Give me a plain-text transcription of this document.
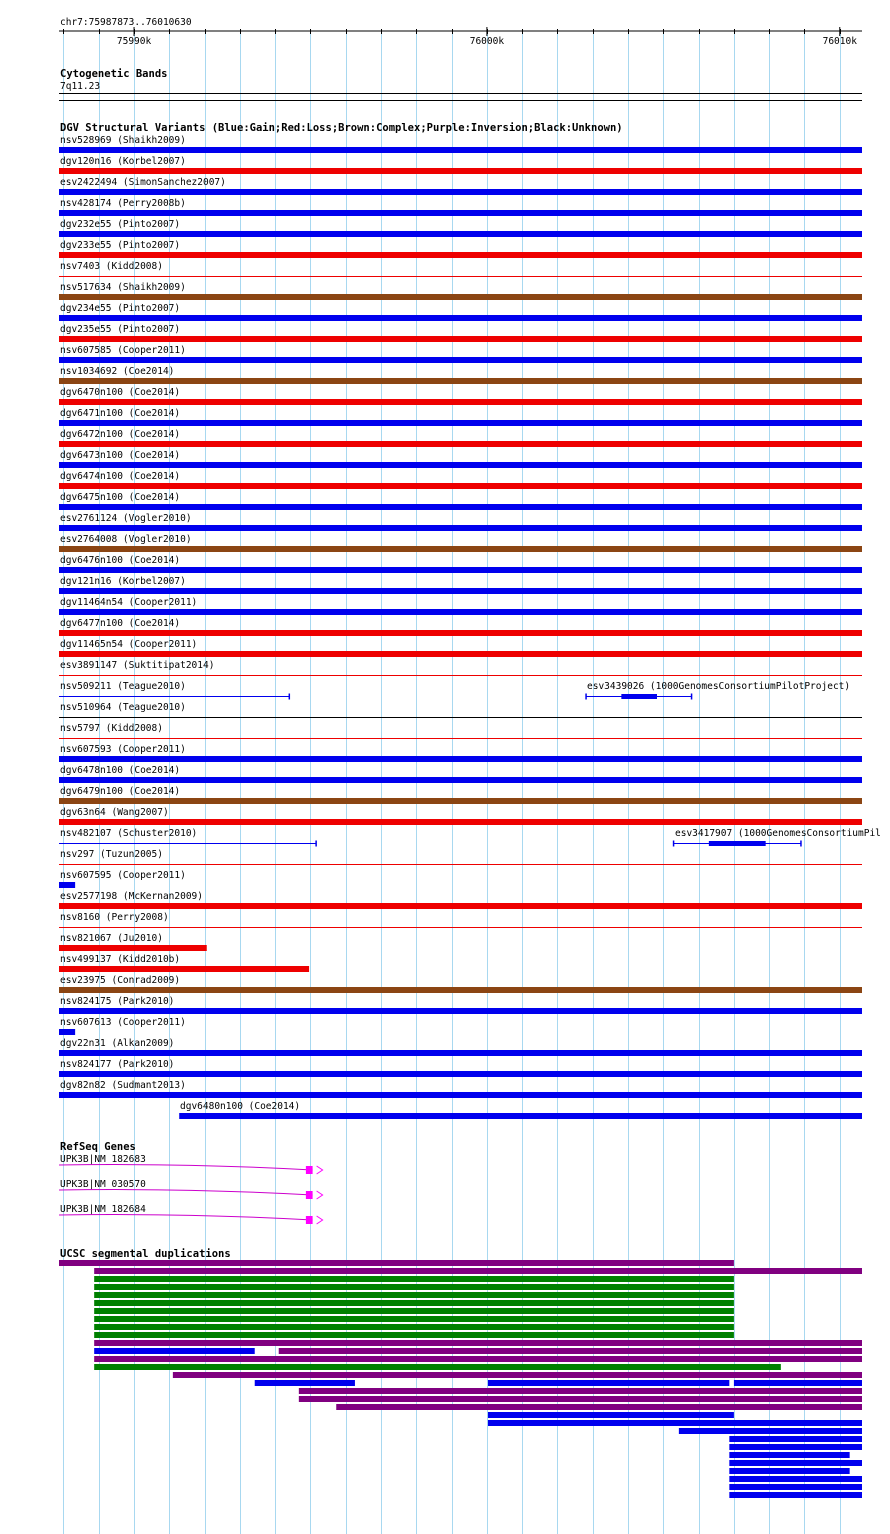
chr7:75987873..76010630
75990k	76000k	76010k
Cytogenetic Bands
7q11.23
DGV Structural Variants (Blue:Gain;Red:Loss;Brown:Complex;Purple:Inversion;Black:Unknown)
nsv528969 (Shaikh2009)
dgv120n16 (Korbel2007)
esv2422494 (SimonSanchez2007)
nsv428174 (Perry2008b)
dgv232e55 (Pinto2007)
dgv233e55 (Pinto2007)
nsv7403 (Kidd2008)
nsv517634 (Shaikh2009)
dgv234e55 (Pinto2007)
dgv235e55 (Pinto2007)
nsv607585 (Cooper2011)
nsv1034692 (Coe2014)
dgv6470n100 (Coe2014)
dgv6471n100 (Coe2014)
dgv6472n100 (Coe2014)
dgv6473n100 (Coe2014)
dgv6474n100 (Coe2014)
dgv6475n100 (Coe2014)
esv2761124 (Vogler2010)
esv2764008 (Vogler2010)
dgv6476n100 (Coe2014)
dgv121n16 (Korbel2007)
dgv11464n54 (Cooper2011)
dgv6477n100 (Coe2014)
dgv11465n54 (Cooper2011)
esv3891147 (Suktitipat2014)
nsv509211 (Teague2010)	esv3439026 (1000GenomesConsortiumPilotProject)
nsv510964 (Teague2010)
nsv5797 (Kidd2008)
nsv607593 (Cooper2011)
dgv6478n100 (Coe2014)
dgv6479n100 (Coe2014)
dgv63n64 (Wang2007)
nsv482107 (Schuster2010)	esv3417907 (1000GenomesConsortiumPil
nsv297 (Tuzun2005)
nsv607595 (Cooper2011)
esv2577198 (McKernan2009)
nsv8160 (Perry2008)
nsv821067 (Ju2010)
nsv499137 (Kidd2010b)
esv23975 (Conrad2009)
nsv824175 (Park2010)
nsv607613 (Cooper2011)
dgv22n31 (Alkan2009)
nsv824177 (Park2010)
dgv82n82 (Sudmant2013)
dgv6480n100 (Coe2014)
RefSeq Genes
UPK3B|NM_182683
UPK3B|NM_030570
UPK3B|NM_182684
UCSC segmental duplications
